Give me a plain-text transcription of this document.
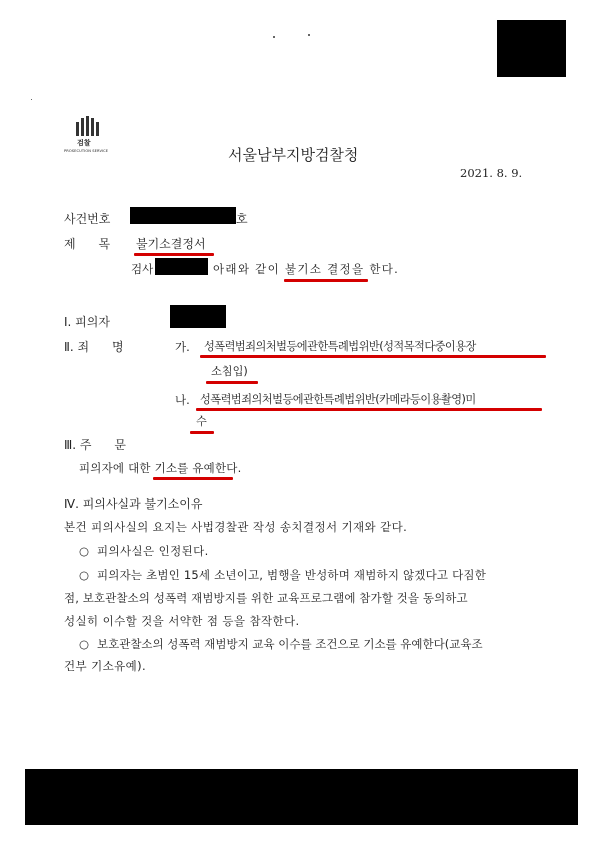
검찰
PROSECUTION SERVICE	서울남부지방검찰청
2021. 8. 9.
사건번호	호
제      목 불기소결정서
검사	아래와 같이 불기소 결정을 한다.
Ⅰ. 피의자
Ⅱ. 죄      명	가. 성폭력범죄의처벌등에관한특례법위반(성적목적다중이용장
소침입)
나. 성폭력범죄의처벌등에관한특례법위반(카메라등이용촬영)미
수
Ⅲ. 주      문
피의자에 대한 기소를 유예한다.
Ⅳ. 피의사실과 불기소이유
본건 피의사실의 요지는 사법경찰관 작성 송치결정서 기재와 같다.
○ 피의사실은 인정된다.
○ 피의자는 초범인 15세 소년이고, 범행을 반성하며 재범하지 않겠다고 다짐한
점, 보호관찰소의 성폭력 재범방지를 위한 교육프로그램에 참가할 것을 동의하고
성실히 이수할 것을 서약한 점 등을 참작한다.
○ 보호관찰소의 성폭력 재범방지 교육 이수를 조건으로 기소를 유예한다(교육조
건부 기소유예).
